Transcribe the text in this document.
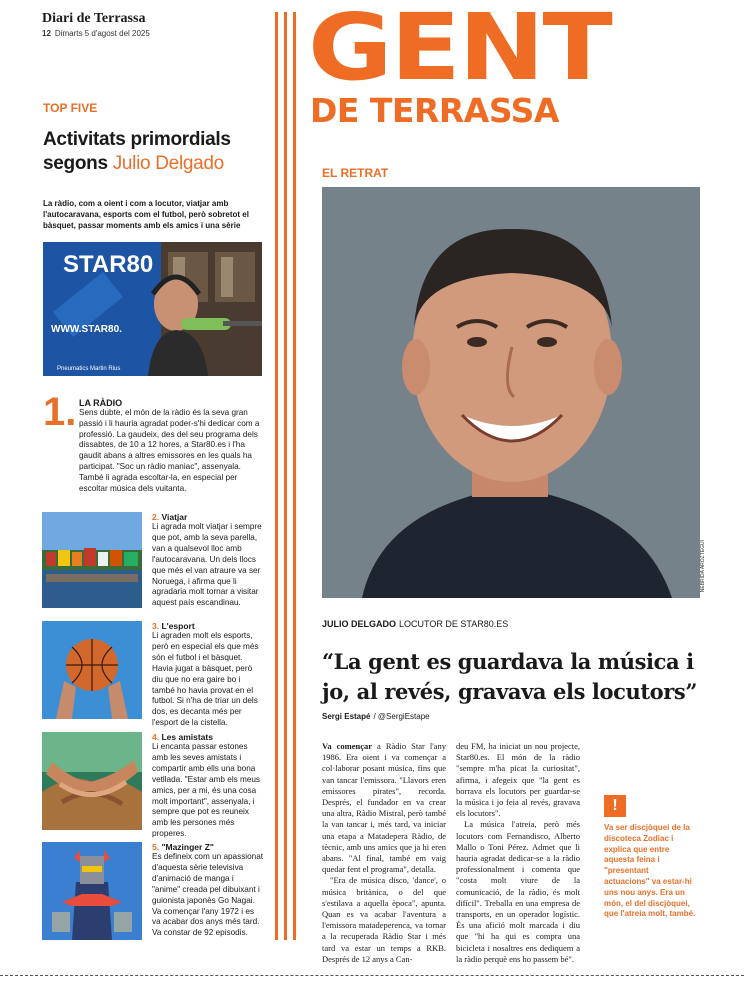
Diari de Terrassa
12 Dimarts 5 d'agost del 2025 GENT
DE TERRASSA
TOP FIVE
Activitats primordials segons Julio Delgado
La ràdio, com a oient i com a locutor, viatjar amb l'autocaravana, esports com el futbol, però sobretot el bàsquet, passar moments amb els amics i una sèrie
STAR80
WWW.STAR80.
Pneumatics Martin Rius
1. LA RÀDIO
Sens dubte, el món de la ràdio és la seva gran passió i li hauria agradat poder-s'hi dedicar com a professió. La gaudeix, des del seu programa dels dissabtes, de 10 a 12 hores, a Star80.es i l'ha gaudit abans a altres emissores en les quals ha participat. "Soc un ràdio maniac", assenyala. També li agrada escoltar-la, en especial per escoltar música dels vuitanta.
2. Viatjar
Li agrada molt viatjar i sempre que pot, amb la seva parella, van a qualsevol lloc amb l'autocaravana. Un dels llocs que més el van atraure va ser Noruega, i afirma que li agradaria molt tornar a visitar aquest país escandinau.
3. L'esport
Li agraden molt els esports, però en especial els que més són el futbol i el bàsquet. Havia jugat a bàsquet, però diu que no era gaire bo i també ho havia provat en el futbol. Si n'ha de triar un dels dos, es decanta més per l'esport de la cistella.
4. Les amistats
Li encanta passar estones amb les seves amistats i compartir amb ells una bona vetllada. "Estar amb els meus amics, per a mi, és una cosa molt important", assenyala, i sempre que pot es reuneix amb les persones més properes.
5. "Mazinger Z"
Es defineix com un apassionat d'aquesta sèrie televisiva d'animació de manga i "anime" creada pel dibuixant i guionista japonès Go Nagai. Va començar l'any 1972 i es va acabar dos anys més tard. Va constar de 92 episodis.
EL RETRAT
NEBRIDA ARÓZTEGUI
JULIO DELGADO LOCUTOR DE STAR80.ES
“La gent es guardava la música i jo, al revés, gravava els locutors”
Sergi Estapé / @SergiEstape

Va començar a Ràdio Star l'any 1986. Era oient i va començar a col·laborar posant música, fins que van tancar l'emissora. "Llavors eren emissores pirates", recorda. Després, el fundador en va crear una altra, Ràdio Mistral, però també la van tancar i, més tard, va iniciar una etapa a Matadepera Ràdio, de tècnic, amb uns amics que ja hi eren abans. "Al final, també em vaig quedar fent el programa", detalla.

"Era de música disco, 'dance', o música britànica, o del que s'estilava a aquella època", apunta. Quan es va acabar l'aventura a l'emissora matadeperenca, va tornar a la recuperada Ràdio Star i més tard va estar un temps a RKB. Després de 12 anys a Can-

deu FM, ha iniciat un nou projecte, Star80.es. El món de la ràdio "sempre m'ha picat la curiositat", afirma, i afegeix que "la gent es borrava els locutors per guardar-se la música i jo feia al revés, gravava els locutors".

La música l'atreia, però més locutors com Fernandisco, Alberto Mallo o Toni Pérez. Admet que li hauria agradat dedicar-se a la ràdio professionalment i comenta que "costa molt viure de la comunicació, de la ràdio, és molt difícil". Treballa en una empresa de transports, en un operador logístic. És una afició molt marcada i diu que "hi ha qui es compra una bicicleta i nosaltres ens dediquem a la ràdio perquè ens ho passem bé".

!
Va ser discjòquei de la discoteca Zodiac i explica que entre aquesta feina i "presentant actuacions" va estar-hi uns nou anys. Era un món, el del discjòquei, que l'atreia molt, també.
